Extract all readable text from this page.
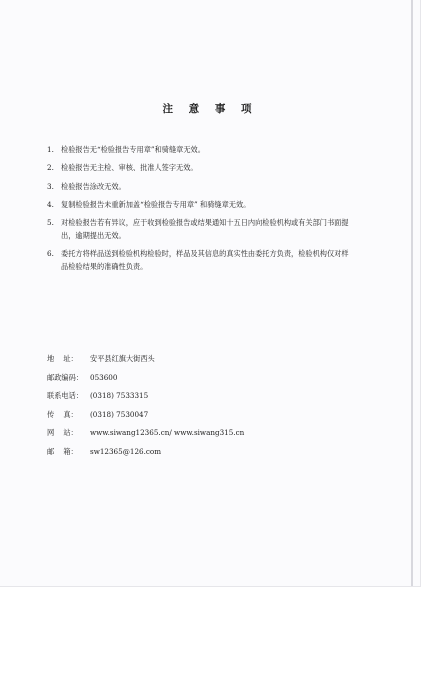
注 意 事 项
1. 检验报告无“检验报告专用章”和骑缝章无效。
2. 检验报告无主检、审核、批准人签字无效。
3. 检验报告涂改无效。
4. 复制检验报告未重新加盖“检验报告专用章” 和骑缝章无效。
5. 对检验报告若有异议，应于收到检验报告或结果通知十五日内向检验机构或有关部门书面提出，逾期提出无效。
6. 委托方将样品送到检验机构检验时，样品及其信息的真实性由委托方负责，检验机构仅对样品检验结果的准确性负责。
地    址：	安平县红旗大街西头
邮政编码： 053600
联系电话： (0318) 7533315
传    真：	(0318) 7530047
网    站：	www.siwang12365.cn/ www.siwang315.cn
邮    箱：	sw12365@126.com
